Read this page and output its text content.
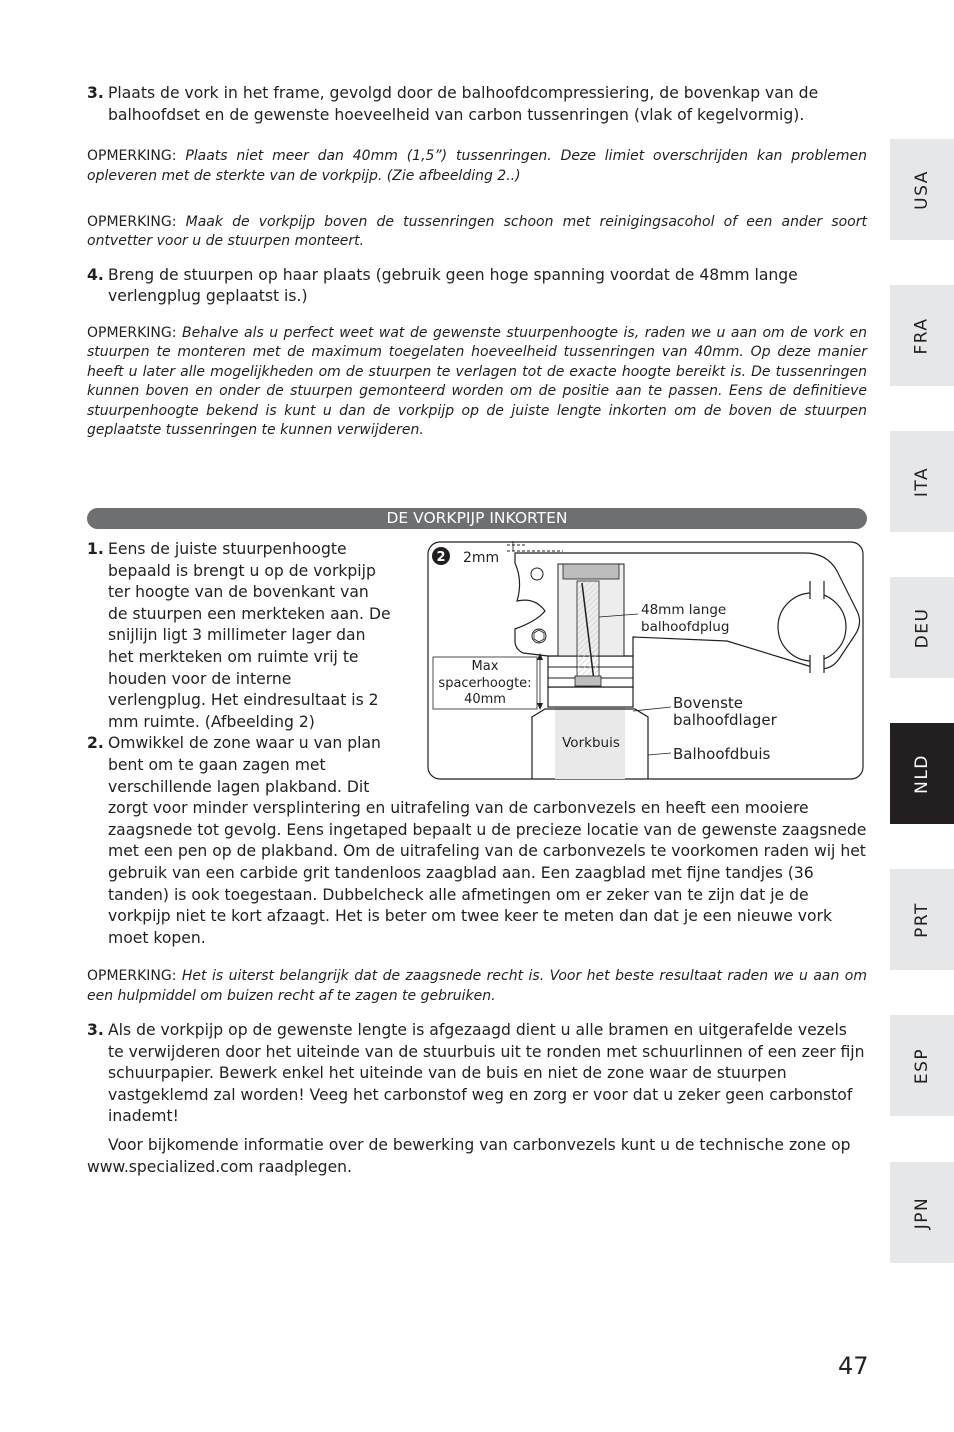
3. Plaats de vork in het frame, gevolgd door de balhoofdcompressiering, de bovenkap van de balhoofdset en de gewenste hoeveelheid van carbon tussenringen (vlak of kegelvormig).
OPMERKING: Plaats niet meer dan 40mm (1,5”) tussenringen. Deze limiet overschrijden kan problemen opleveren met de sterkte van de vorkpijp. (Zie afbeelding 2..)
OPMERKING: Maak de vorkpijp boven de tussenringen schoon met reinigingsacohol of een ander soort ontvetter voor u de stuurpen monteert.
4. Breng de stuurpen op haar plaats (gebruik geen hoge spanning voordat de 48mm lange verlengplug geplaatst is.)
OPMERKING: Behalve als u perfect weet wat de gewenste stuurpenhoogte is, raden we u aan om de vork en stuurpen te monteren met de maximum toegelaten hoeveelheid tussenringen van 40mm. Op deze manier heeft u later alle mogelijkheden om de stuurpen te verlagen tot de exacte hoogte bereikt is. De tussenringen kunnen boven en onder de stuurpen gemonteerd worden om de positie aan te passen. Eens de definitieve stuurpenhoogte bekend is kunt u dan de vorkpijp op de juiste lengte inkorten om de boven de stuurpen geplaatste tussenringen te kunnen verwijderen.
DE VORKPIJP INKORTEN
1. Eens de juiste stuurpenhoogte bepaald is brengt u op de vorkpijp ter hoogte van de bovenkant van de stuurpen een merkteken aan. De snijlijn ligt 3 millimeter lager dan het merkteken om ruimte vrij te houden voor de interne verlengplug. Het eindresultaat is 2 mm ruimte. (Afbeelding 2)
2. Omwikkel de zone waar u van plan bent om te gaan zagen met verschillende lagen plakband. Dit zorgt voor minder versplintering en uitrafeling van de carbonvezels en heeft een mooiere zaagsnede tot gevolg. Eens ingetaped bepaalt u de precieze locatie van de gewenste zaagsnede met een pen op de plakband. Om de uitrafeling van de carbonvezels te voorkomen raden wij het gebruik van een carbide grit tandenloos zaagblad aan. Een zaagblad met fijne tandjes (36 tanden) is ook toegestaan. Dubbelcheck alle afmetingen om er zeker van te zijn dat je de vorkpijp niet te kort afzaagt. Het is beter om twee keer te meten dan dat je een nieuwe vork moet kopen.
OPMERKING: Het is uiterst belangrijk dat de zaagsnede recht is. Voor het beste resultaat raden we u aan om een hulpmiddel om buizen recht af te zagen te gebruiken.
3. Als de vorkpijp op de gewenste lengte is afgezaagd dient u alle bramen en uitgerafelde vezels te verwijderen door het uiteinde van de stuurbuis uit te ronden met schuurlinnen of een zeer fijn schuurpapier. Bewerk enkel het uiteinde van de buis en niet de zone waar de stuurpen vastgeklemd zal worden! Veeg het carbonstof weg en zorg er voor dat u zeker geen carbonstof inademt!
Voor bijkomende informatie over de bewerking van carbonvezels kunt u de technische zone op www.specialized.com raadplegen.
2 2mm
48mm lange
balhoofdplug
Max
spacerhoogte:
40mm	Bovenste
balhoofdlager
Vorkbuis
Balhoofdbuis
USA
FRA
ITA
DEU
NLD
PRT
ESP
JPN
47
